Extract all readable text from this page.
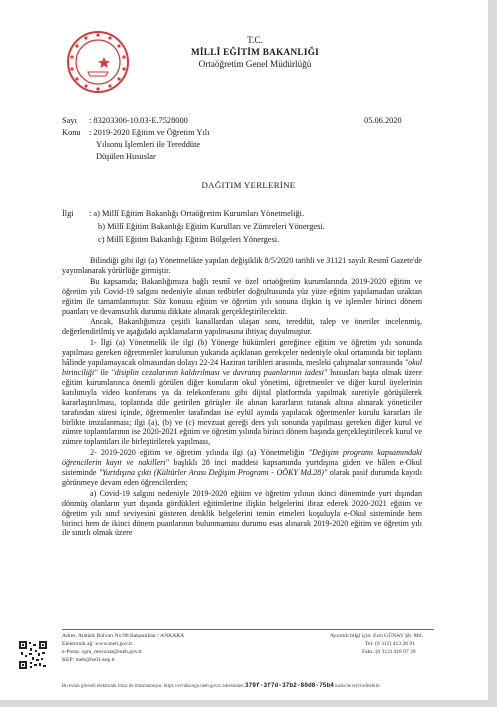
T.C.
MİLLÎ EĞİTİM BAKANLIĞI
Ortaöğretim Genel Müdürlüğü
Sayı : 83203306-10.03-E.7528000	05.06.2020
Konu : 2019-2020 Eğitim ve Öğretim Yılı
Yılsonu İşlemleri ile Tereddüte
Düşülen Hususlar
DAĞITIM YERLERİNE
İlgi : a) Millî Eğitim Bakanlığı Ortaöğretim Kurumları Yönetmeliği.
b) Millî Eğitim Bakanlığı Eğitim Kurulları ve Zümreleri Yönergesi.
c) Millî Eğitim Bakanlığı Eğitim Bölgeleri Yönergesi.

Bilindiği gibi ilgi (a) Yönetmelikte yapılan değişiklik 8/5/2020 tarihli ve 31121 sayılı Resmî Gazete'de yayımlanarak yürürlüğe girmiştir.

Bu kapsamda; Bakanlığımıza bağlı resmî ve özel ortaöğretim kurumlarında 2019-2020 eğitim ve öğretim yılı Covid-19 salgını nedeniyle alınan tedbirler doğrultusunda yüz yüze eğitim yapılamadan uzaktan eğitim ile tamamlanmıştır. Söz konusu eğitim ve öğretim yılı sonuna ilişkin iş ve işlemler birinci dönem puanları ve devamsızlık durumu dikkate alınarak gerçekleştirilecektir.

Ancak, Bakanlığımıza çeşitli kanallardan ulaşan soru, tereddüt, talep ve öneriler incelenmiş, değerlendirilmiş ve aşağıdaki açıklamaların yapılmasına ihtiyaç duyulmuştur.

1- İlgi (a) Yönetmelik ile ilgi (b) Yönerge hükümleri gereğince eğitim ve öğretim yılı sonunda yapılması gereken öğretmenler kurulunun yukarıda açıklanan gerekçeler nedeniyle okul ortamında bir toplantı hâlinde yapılamayacak olmasından dolayı 22-24 Haziran tarihleri arasında, mesleki çalışmalar sonrasında "okul birinciliği" ile "disiplin cezalarının kaldırılması ve davranış puanlarının iadesi" hususları başta olmak üzere eğitim kurumlarınca önemli görülen diğer konuların okul yönetimi, öğretmenler ve diğer kurul üyelerinin katılımıyla video konferans ya da telekonferans gibi dijital platformda yapılmak suretiyle görüşülerek kararlaştırılması, toplantıda dile getirilen görüşler ile alınan kararların tutanak altına alınarak yöneticiler tarafından süresi içinde, öğretmenler tarafından ise eylül ayında yapılacak öğretmenler kurulu kararları ile birlikte imzalanması; ilgi (a), (b) ve (c) mevzuat gereği ders yılı sonunda yapılması gereken diğer kurul ve zümre toplantılarının ise 2020-2021 eğitim ve öğretim yılında birinci dönem başında gerçekleştirilecek kurul ve zümre toplantıları ile birleştirilerek yapılması,

2- 2019-2020 eğitim ve öğretim yılında ilgi (a) Yönetmeliğin "Değişim programı kapsamındaki öğrencilerin kayıt ve nakilleri" başlıklı 28 inci maddesi kapsamında yurtdışına giden ve hâlen e-Okul sisteminde "Yurtdışına çıktı (Kültürler Arası Değişim Programı - OÖKY Md.28)" olarak pasif durumda kayıtlı görünmeye devam eden öğrencilerden;

a) Covid-19 salgını nedeniyle 2019-2020 eğitim ve öğretim yılının ikinci döneminde yurt dışından dönmüş olanların yurt dışında gördükleri eğitimlerine ilişkin belgelerini ibraz ederek 2020-2021 eğitim ve öğretim yılı sınıf seviyesini gösteren denklik belgelerini temin etmeleri koşuluyla e-Okul sisteminde hem birinci hem de ikinci dönem puanlarının bulunmaması durumu esas alınarak 2019-2020 eğitim ve öğretim yılı ile sınırlı olmak üzere

Adres: Atatürk Bulvarı No:98 Bakanlıklar / ANKARA
Elektronik ağ: www.meb.gov.tr
e-Posta: ogm_mevzuat@meb.gov.tr
KEP: meb@hs01.kep.tr
Ayrıntılı bilgi için: Erol GÜNAY Şb. Md.
Tel: (0 312) 413 26 91
Faks: (0 312) 418 07 39
Bu evrak güvenli elektronik imza ile imzalanmıştır. https://evraksorgu.meb.gov.tr adresinden 379f-3f7d-37b2-80d8-75b4 kodu ile teyit edilebilir.
